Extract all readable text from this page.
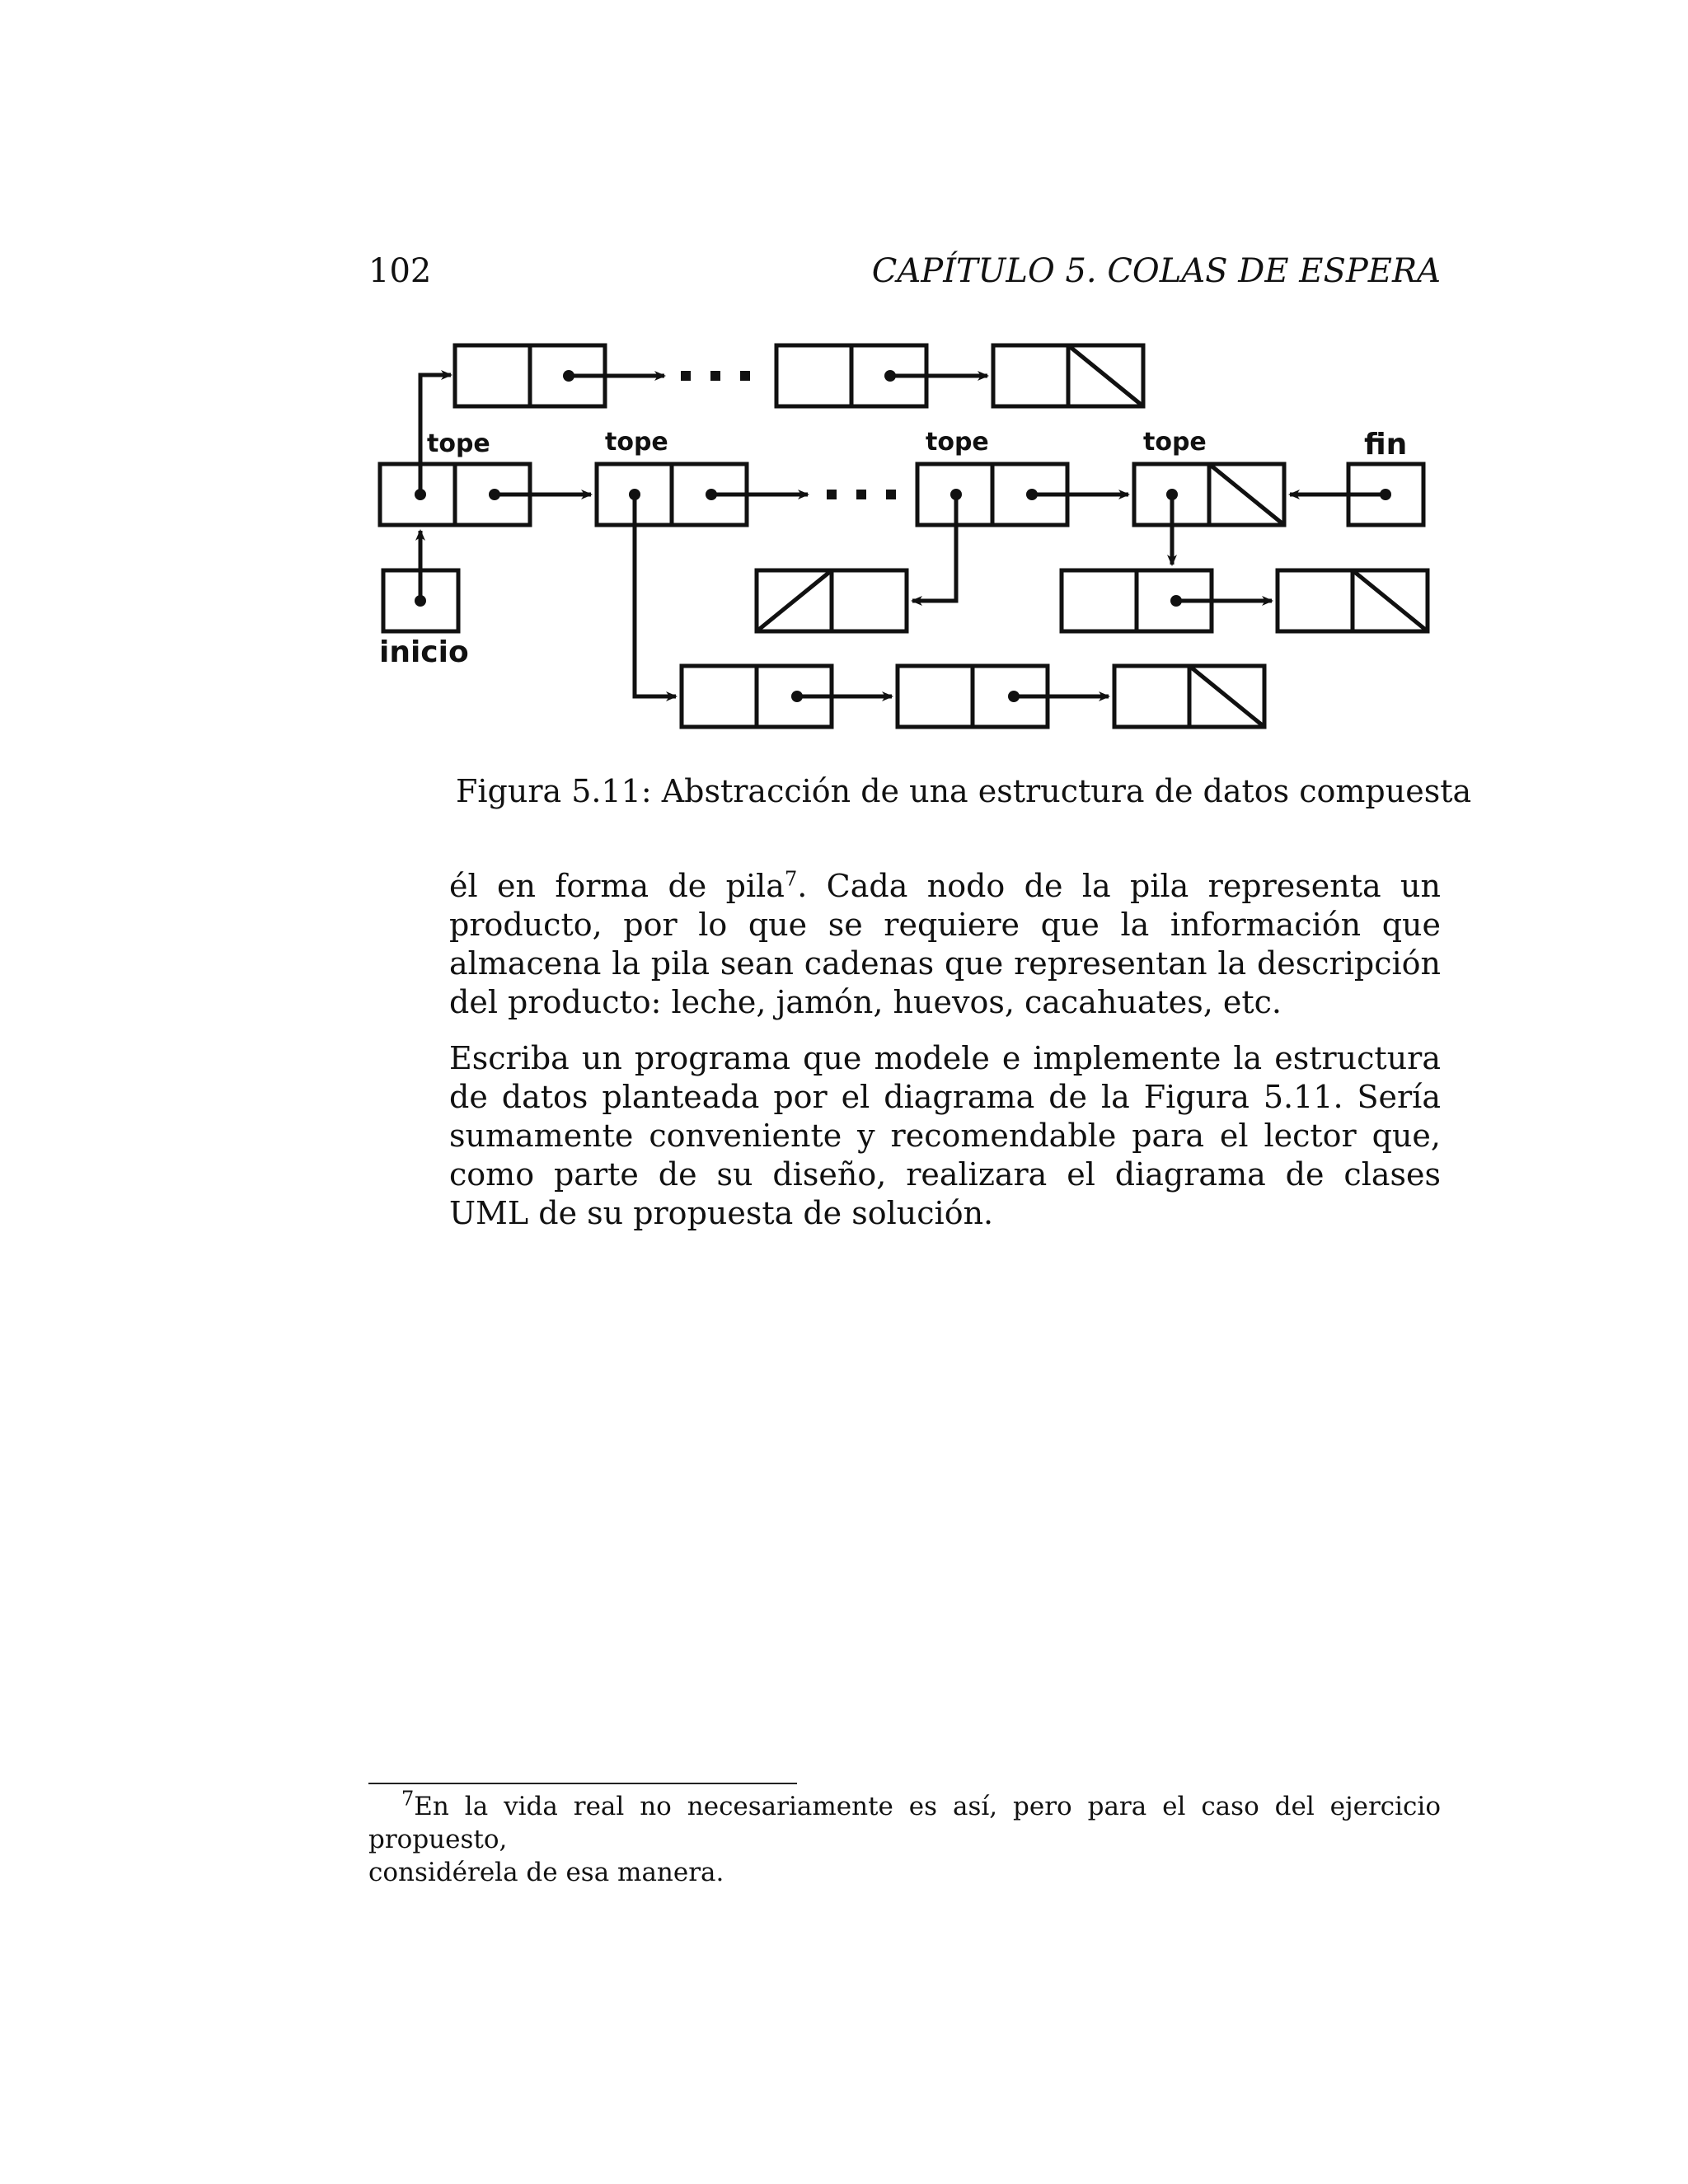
102	CAPÍTULO 5. COLAS DE ESPERA
tope	tope	tope	tope	fin
inicio
Figura 5.11: Abstracción de una estructura de datos compuesta

él en forma de pila$^7$. Cada nodo de la pila representa un producto, por lo que se requiere que la información que almacena la pila sean cadenas que representan la descripción del producto: leche, jamón, huevos, cacahuates, etc.

Escriba un programa que modele e implemente la estructura de datos planteada por el diagrama de la Figura 5.11. Sería sumamente conveniente y recomendable para el lector que, como parte de su diseño, realizara el diagrama de clases UML de su propuesta de solución.

$^7$En la vida real no necesariamente es así, pero para el caso del ejercicio propuesto,
considérela de esa manera.
